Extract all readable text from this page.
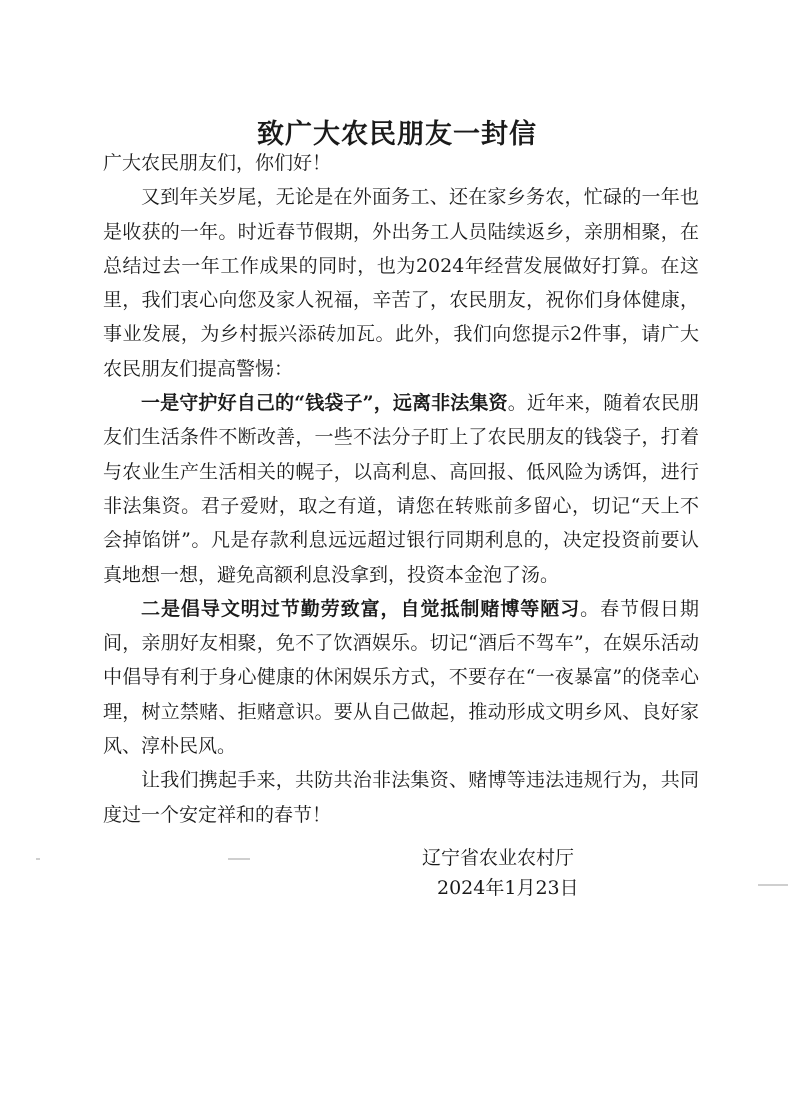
致广大农民朋友一封信

广大农民朋友们，你们好！

又到年关岁尾，无论是在外面务工、还在家乡务农，忙碌的一年也是收获的一年。时近春节假期，外出务工人员陆续返乡，亲朋相聚，在总结过去一年工作成果的同时，也为2024年经营发展做好打算。在这里，我们衷心向您及家人祝福，辛苦了，农民朋友，祝你们身体健康，事业发展，为乡村振兴添砖加瓦。此外，我们向您提示2件事，请广大农民朋友们提高警惕：

一是守护好自己的“钱袋子”，远离非法集资。近年来，随着农民朋友们生活条件不断改善，一些不法分子盯上了农民朋友的钱袋子，打着与农业生产生活相关的幌子，以高利息、高回报、低风险为诱饵，进行非法集资。君子爱财，取之有道，请您在转账前多留心，切记“天上不会掉馅饼”。凡是存款利息远远超过银行同期利息的，决定投资前要认真地想一想，避免高额利息没拿到，投资本金泡了汤。

二是倡导文明过节勤劳致富，自觉抵制赌博等陋习。春节假日期间，亲朋好友相聚，免不了饮酒娱乐。切记“酒后不驾车”，在娱乐活动中倡导有利于身心健康的休闲娱乐方式，不要存在“一夜暴富”的侥幸心理，树立禁赌、拒赌意识。要从自己做起，推动形成文明乡风、良好家风、淳朴民风。

让我们携起手来，共防共治非法集资、赌博等违法违规行为，共同度过一个安定祥和的春节！

辽宁省农业农村厅

2024年1月23日
